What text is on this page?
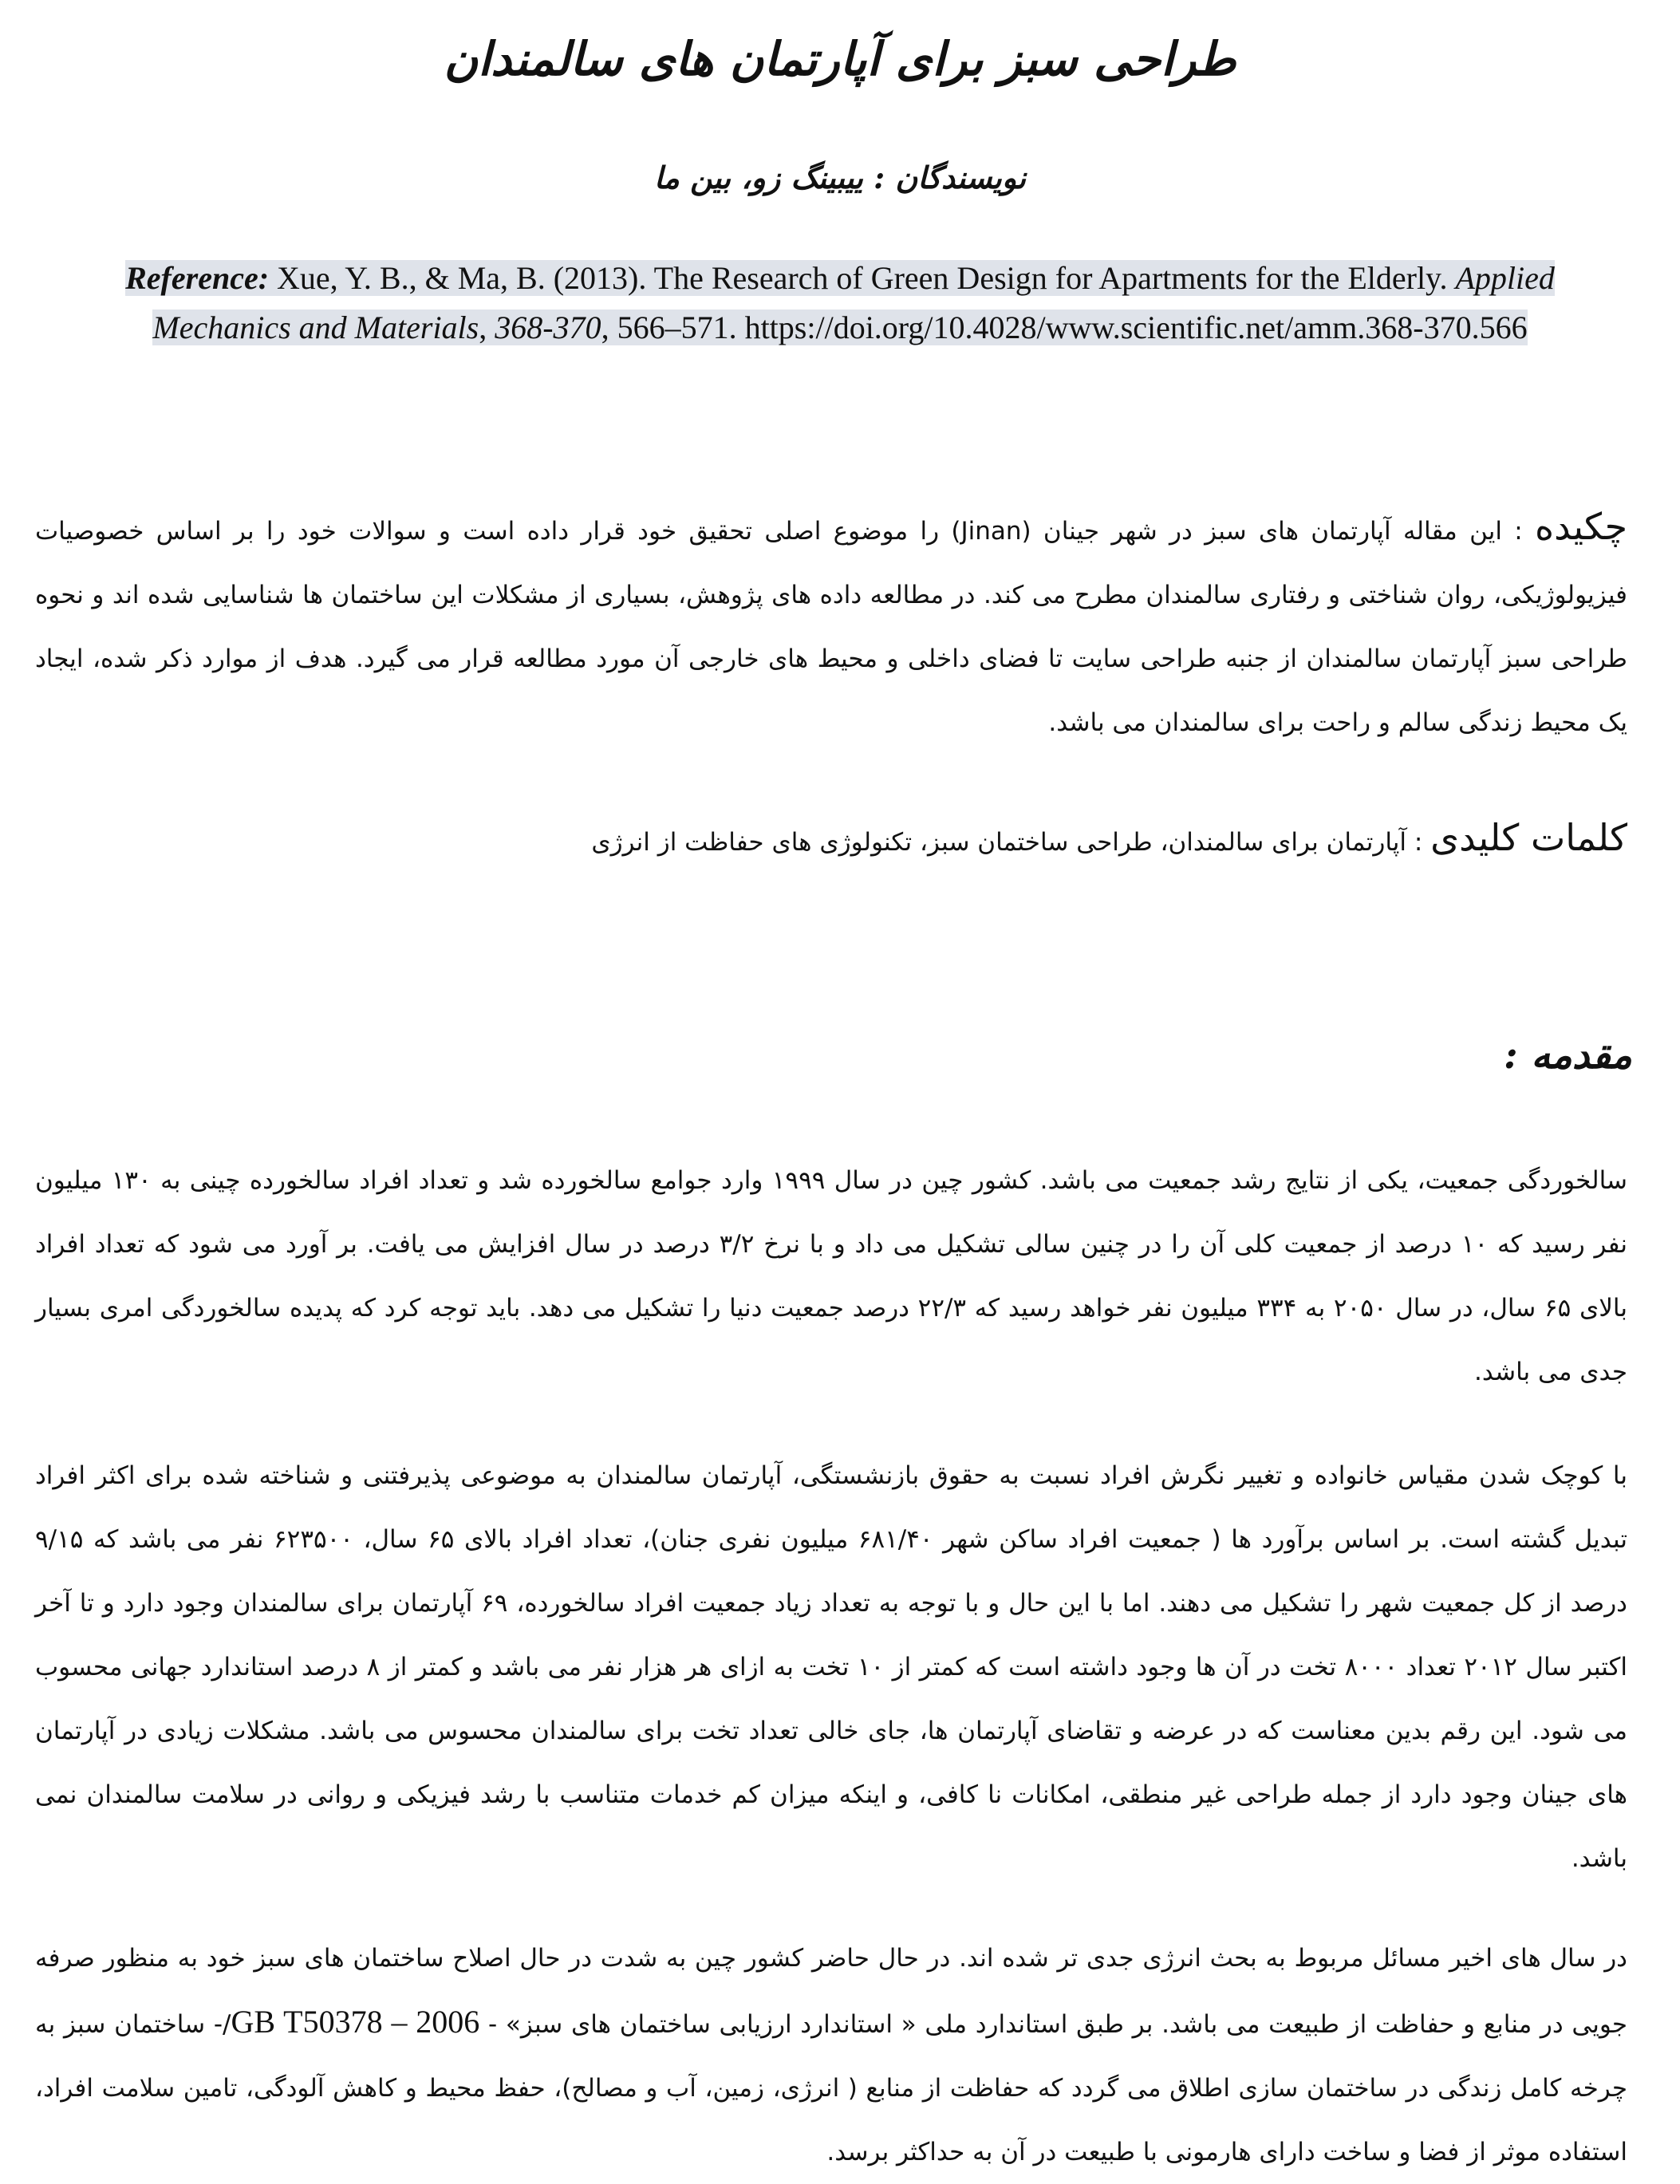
طراحی سبز برای آپارتمان های سالمندان
نویسندگان : ییبینگ زو، بین ما
Reference: Xue, Y. B., & Ma, B. (2013). The Research of Green Design for Apartments for the Elderly. Applied Mechanics and Materials, 368-370, 566–571. https://doi.org/10.4028/www.scientific.net/amm.368-370.566
چکیده : این مقاله آپارتمان های سبز در شهر جینان (Jinan) را موضوع اصلی تحقیق خود قرار داده است و سوالات خود را بر اساس خصوصیات فیزیولوژیکی، روان شناختی و رفتاری سالمندان مطرح می کند. در مطالعه داده های پژوهش، بسیاری از مشکلات این ساختمان ها شناسایی شده اند و نحوه طراحی سبز آپارتمان سالمندان از جنبه طراحی سایت تا فضای داخلی و محیط های خارجی آن مورد مطالعه قرار می گیرد. هدف از موارد ذکر شده، ایجاد یک محیط زندگی سالم و راحت برای سالمندان می باشد.
کلمات کلیدی : آپارتمان برای سالمندان، طراحی ساختمان سبز، تکنولوژی های حفاظت از انرژی
مقدمه :
سالخوردگی جمعیت، یکی از نتایج رشد جمعیت می باشد. کشور چین در سال ۱۹۹۹ وارد جوامع سالخورده شد و تعداد افراد سالخورده چینی به ۱۳۰ میلیون نفر رسید که ۱۰ درصد از جمعیت کلی آن را در چنین سالی تشکیل می داد و با نرخ ۳/۲ درصد در سال افزایش می یافت. بر آورد می شود که تعداد افراد بالای ۶۵ سال، در سال ۲۰۵۰ به ۳۳۴ میلیون نفر خواهد رسید که ۲۲/۳ درصد جمعیت دنیا را تشکیل می دهد. باید توجه کرد که پدیده سالخوردگی امری بسیار جدی می باشد.
با کوچک شدن مقیاس خانواده و تغییر نگرش افراد نسبت به حقوق بازنشستگی، آپارتمان سالمندان به موضوعی پذیرفتنی و شناخته شده برای اکثر افراد تبدیل گشته است. بر اساس برآورد ها ( جمعیت افراد ساکن شهر ۶۸۱/۴۰ میلیون نفری جنان)، تعداد افراد بالای ۶۵ سال، ۶۲۳۵۰۰ نفر می باشد که ۹/۱۵ درصد از کل جمعیت شهر را تشکیل می دهند. اما با این حال و با توجه به تعداد زیاد جمعیت افراد سالخورده، ۶۹ آپارتمان برای سالمندان وجود دارد و تا آخر اکتبر سال ۲۰۱۲ تعداد ۸۰۰۰ تخت در آن ها وجود داشته است که کمتر از ۱۰ تخت به ازای هر هزار نفر می باشد و کمتر از ۸ درصد استاندارد جهانی محسوب می شود. این رقم بدین معناست که در عرضه و تقاضای آپارتمان ها، جای خالی تعداد تخت برای سالمندان محسوس می باشد. مشکلات زیادی در آپارتمان های جینان وجود دارد از جمله طراحی غیر منطقی، امکانات نا کافی، و اینکه میزان کم خدمات متناسب با رشد فیزیکی و روانی در سلامت سالمندان نمی باشد.
در سال های اخیر مسائل مربوط به بحث انرژی جدی تر شده اند. در حال حاضر کشور چین به شدت در حال اصلاح ساختمان های سبز خود به منظور صرفه جویی در منابع و حفاظت از طبیعت می باشد. بر طبق استاندارد ملی « استاندارد ارزیابی ساختمان های سبز» - GB T50378 – 2006/- ساختمان سبز به چرخه کامل زندگی در ساختمان سازی اطلاق می گردد که حفاظت از منابع ( انرژی، زمین، آب و مصالح)، حفظ محیط و کاهش آلودگی، تامین سلامت افراد، استفاده موثر از فضا و ساخت دارای هارمونی با طبیعت در آن به حداکثر برسد.
